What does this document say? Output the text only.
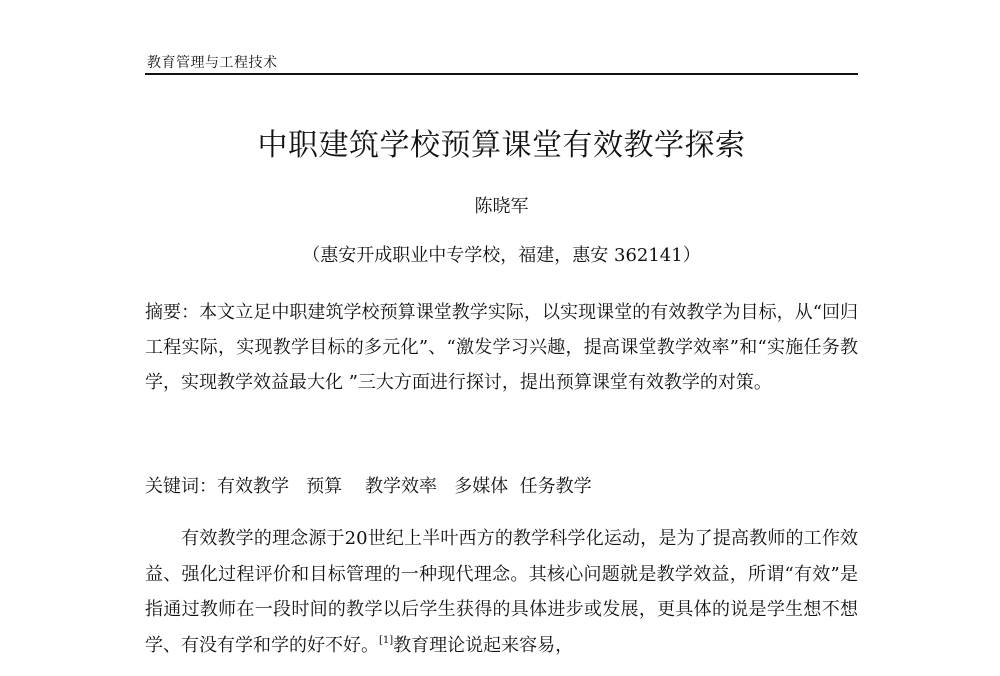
教育管理与工程技术
中职建筑学校预算课堂有效教学探索
陈晓军
（惠安开成职业中专学校，福建，惠安 362141）
摘要：本文立足中职建筑学校预算课堂教学实际，以实现课堂的有效教学为目标，从“回归工程实际，实现教学目标的多元化”、“激发学习兴趣，提高课堂教学效率”和“实施任务教学，实现教学效益最大化 ”三大方面进行探讨，提出预算课堂有效教学的对策。
关键词：有效教学   预算    教学效率   多媒体  任务教学
有效教学的理念源于20世纪上半叶西方的教学科学化运动，是为了提高教师的工作效益、强化过程评价和目标管理的一种现代理念。其核心问题就是教学效益，所谓“有效”是指通过教师在一段时间的教学以后学生获得的具体进步或发展，更具体的说是学生想不想学、有没有学和学的好不好。[1]教育理论说起来容易，
